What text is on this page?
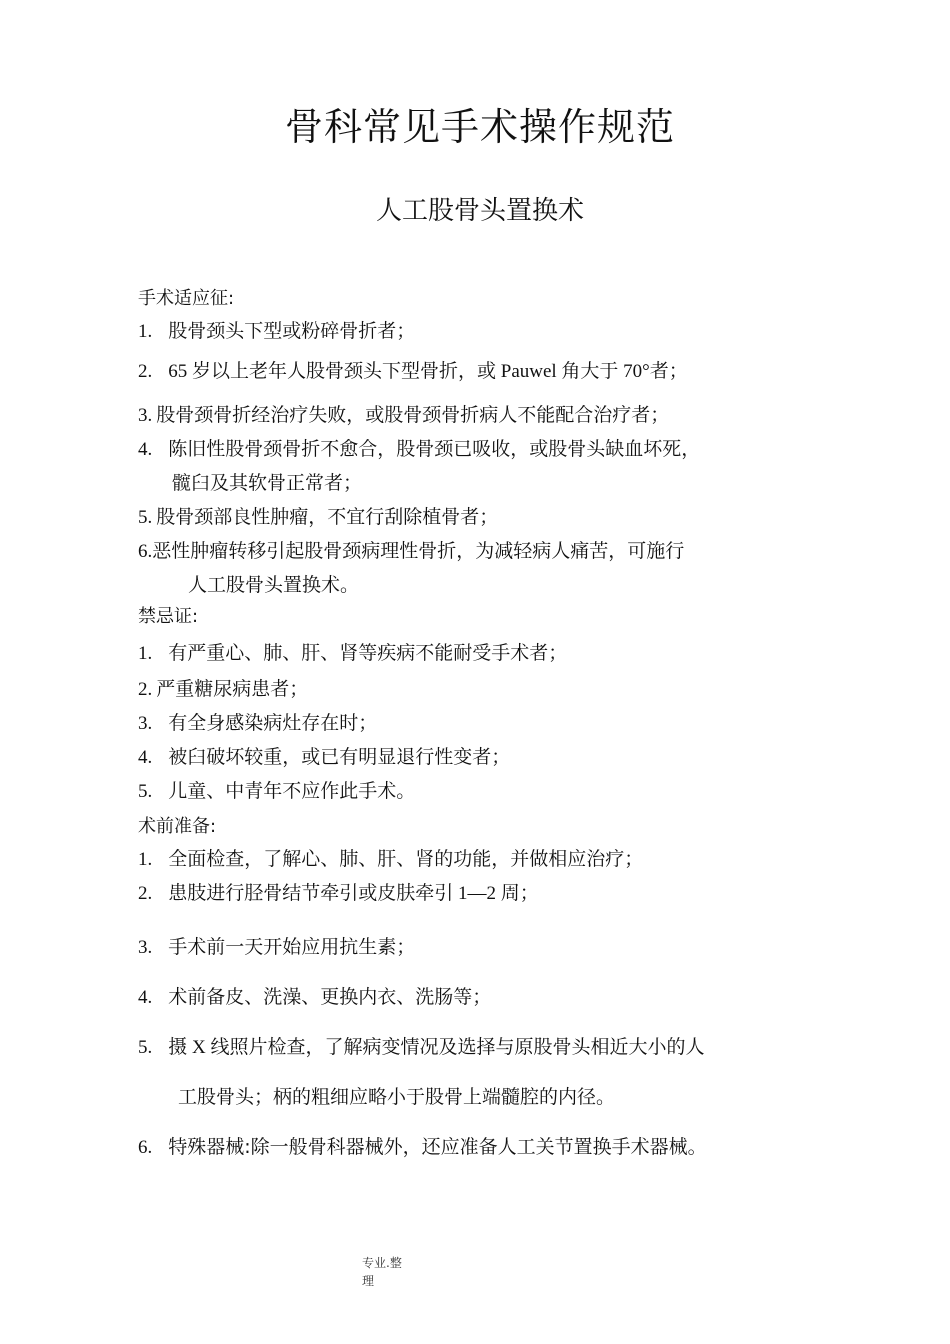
骨科常见手术操作规范
人工股骨头置换术
手术适应征:
1. 股骨颈头下型或粉碎骨折者；
2. 65 岁以上老年人股骨颈头下型骨折，或 Pauwel 角大于 70°者；
3. 股骨颈骨折经治疗失败，或股骨颈骨折病人不能配合治疗者；
4. 陈旧性股骨颈骨折不愈合，股骨颈已吸收，或股骨头缺血坏死，
髋臼及其软骨正常者；
5. 股骨颈部良性肿瘤，不宜行刮除植骨者；
6.恶性肿瘤转移引起股骨颈病理性骨折，为减轻病人痛苦，可施行
人工股骨头置换术。
禁忌证:
1. 有严重心、肺、肝、肾等疾病不能耐受手术者；
2. 严重糖尿病患者；
3. 有全身感染病灶存在时；
4. 被臼破坏较重，或已有明显退行性变者；
5. 儿童、中青年不应作此手术。
术前准备:
1. 全面检查，了解心、肺、肝、肾的功能，并做相应治疗；
2. 患肢进行胫骨结节牵引或皮肤牵引 1—2 周；
3. 手术前一天开始应用抗生素；
4. 术前备皮、洗澡、更换内衣、洗肠等；
5. 摄 X 线照片检查，了解病变情况及选择与原股骨头相近大小的人
工股骨头；柄的粗细应略小于股骨上端髓腔的内径。
6. 特殊器械:除一般骨科器械外，还应准备人工关节置换手术器械。
专业.整
理
